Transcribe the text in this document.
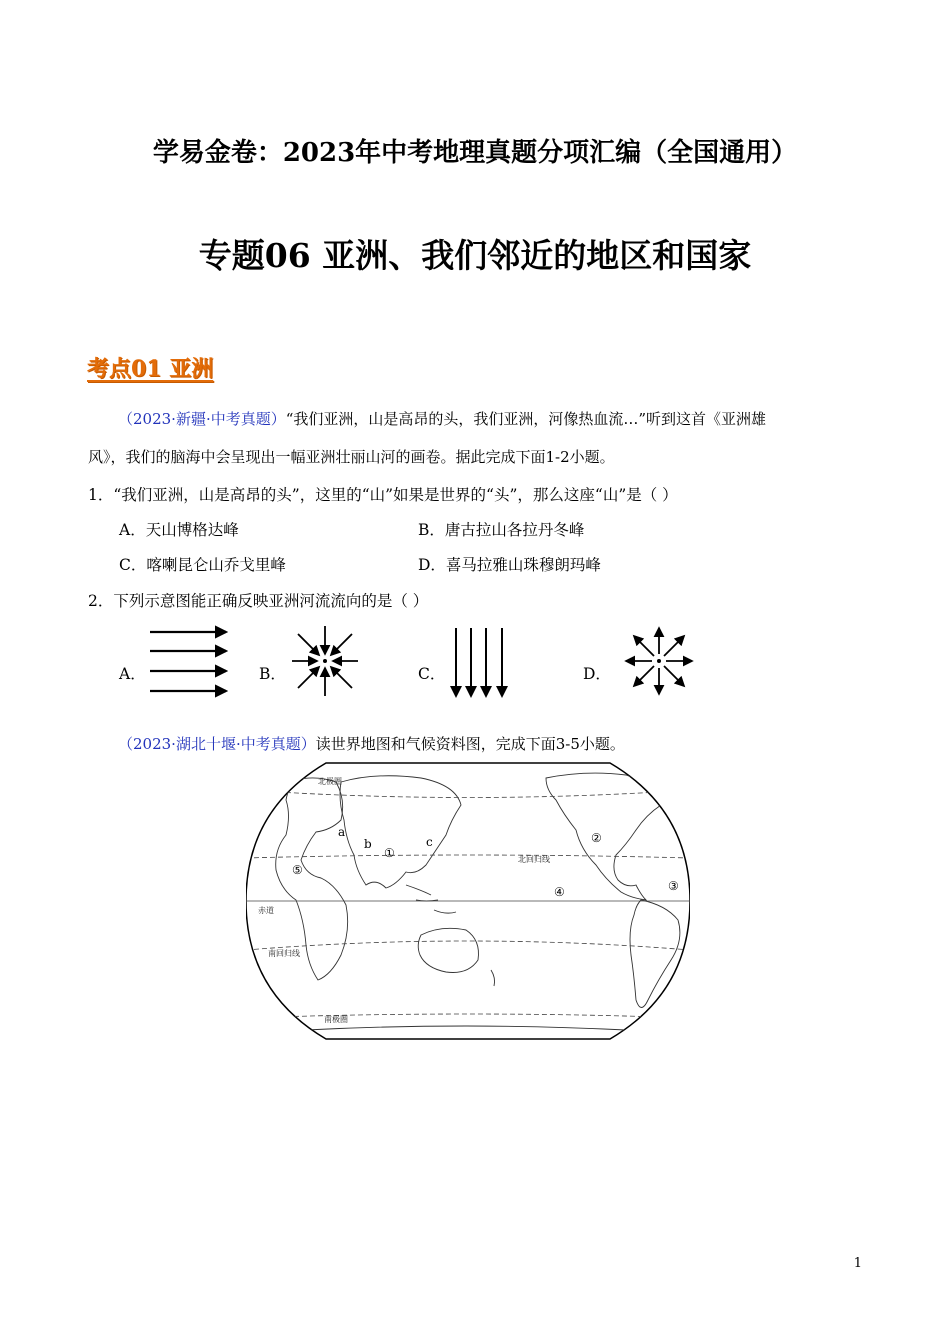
学易金卷：2023年中考地理真题分项汇编（全国通用）
专题06 亚洲、我们邻近的地区和国家
考点01 亚洲
（2023·新疆·中考真题）“我们亚洲，山是高昂的头，我们亚洲，河像热血流…”听到这首《亚洲雄
风》，我们的脑海中会呈现出一幅亚洲壮丽山河的画卷。据此完成下面1-2小题。
1．“我们亚洲，山是高昂的头”，这里的“山”如果是世界的“头”，那么这座“山”是（ ）
A．天山博格达峰	B．唐古拉山各拉丹冬峰
C．喀喇昆仑山乔戈里峰	D．喜马拉雅山珠穆朗玛峰
2．下列示意图能正确反映亚洲河流流向的是（ ）
A．	B．	C．	D．
（2023·湖北十堰·中考真题）读世界地图和气候资料图，完成下面3-5小题。
北极圈
北回归线
赤道
南回归线
南极圈
a
b	c
①
②
③
④
⑤
1
